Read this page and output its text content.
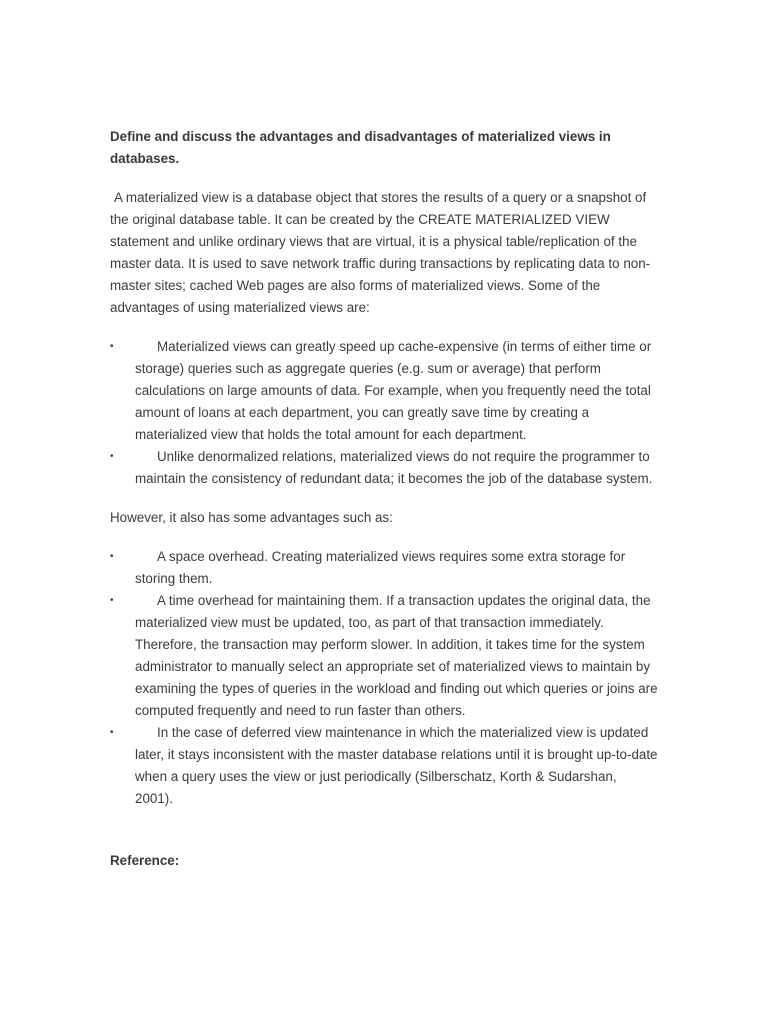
Define and discuss the advantages and disadvantages of materialized views in databases.

A materialized view is a database object that stores the results of a query or a snapshot of the original database table. It can be created by the CREATE MATERIALIZED VIEW statement and unlike ordinary views that are virtual, it is a physical table/replication of the master data. It is used to save network traffic during transactions by replicating data to non-master sites; cached Web pages are also forms of materialized views. Some of the advantages of using materialized views are:

•	Materialized views can greatly speed up cache-expensive (in terms of either time or storage) queries such as aggregate queries (e.g. sum or average) that perform calculations on large amounts of data. For example, when you frequently need the total amount of loans at each department, you can greatly save time by creating a materialized view that holds the total amount for each department.
•	Unlike denormalized relations, materialized views do not require the programmer to maintain the consistency of redundant data; it becomes the job of the database system.

However, it also has some advantages such as:

•	A space overhead. Creating materialized views requires some extra storage for storing them.
•	A time overhead for maintaining them. If a transaction updates the original data, the materialized view must be updated, too, as part of that transaction immediately. Therefore, the transaction may perform slower. In addition, it takes time for the system administrator to manually select an appropriate set of materialized views to maintain by examining the types of queries in the workload and finding out which queries or joins are computed frequently and need to run faster than others.
•	In the case of deferred view maintenance in which the materialized view is updated later, it stays inconsistent with the master database relations until it is brought up-to-date when a query uses the view or just periodically (Silberschatz, Korth & Sudarshan, 2001).

Reference:
